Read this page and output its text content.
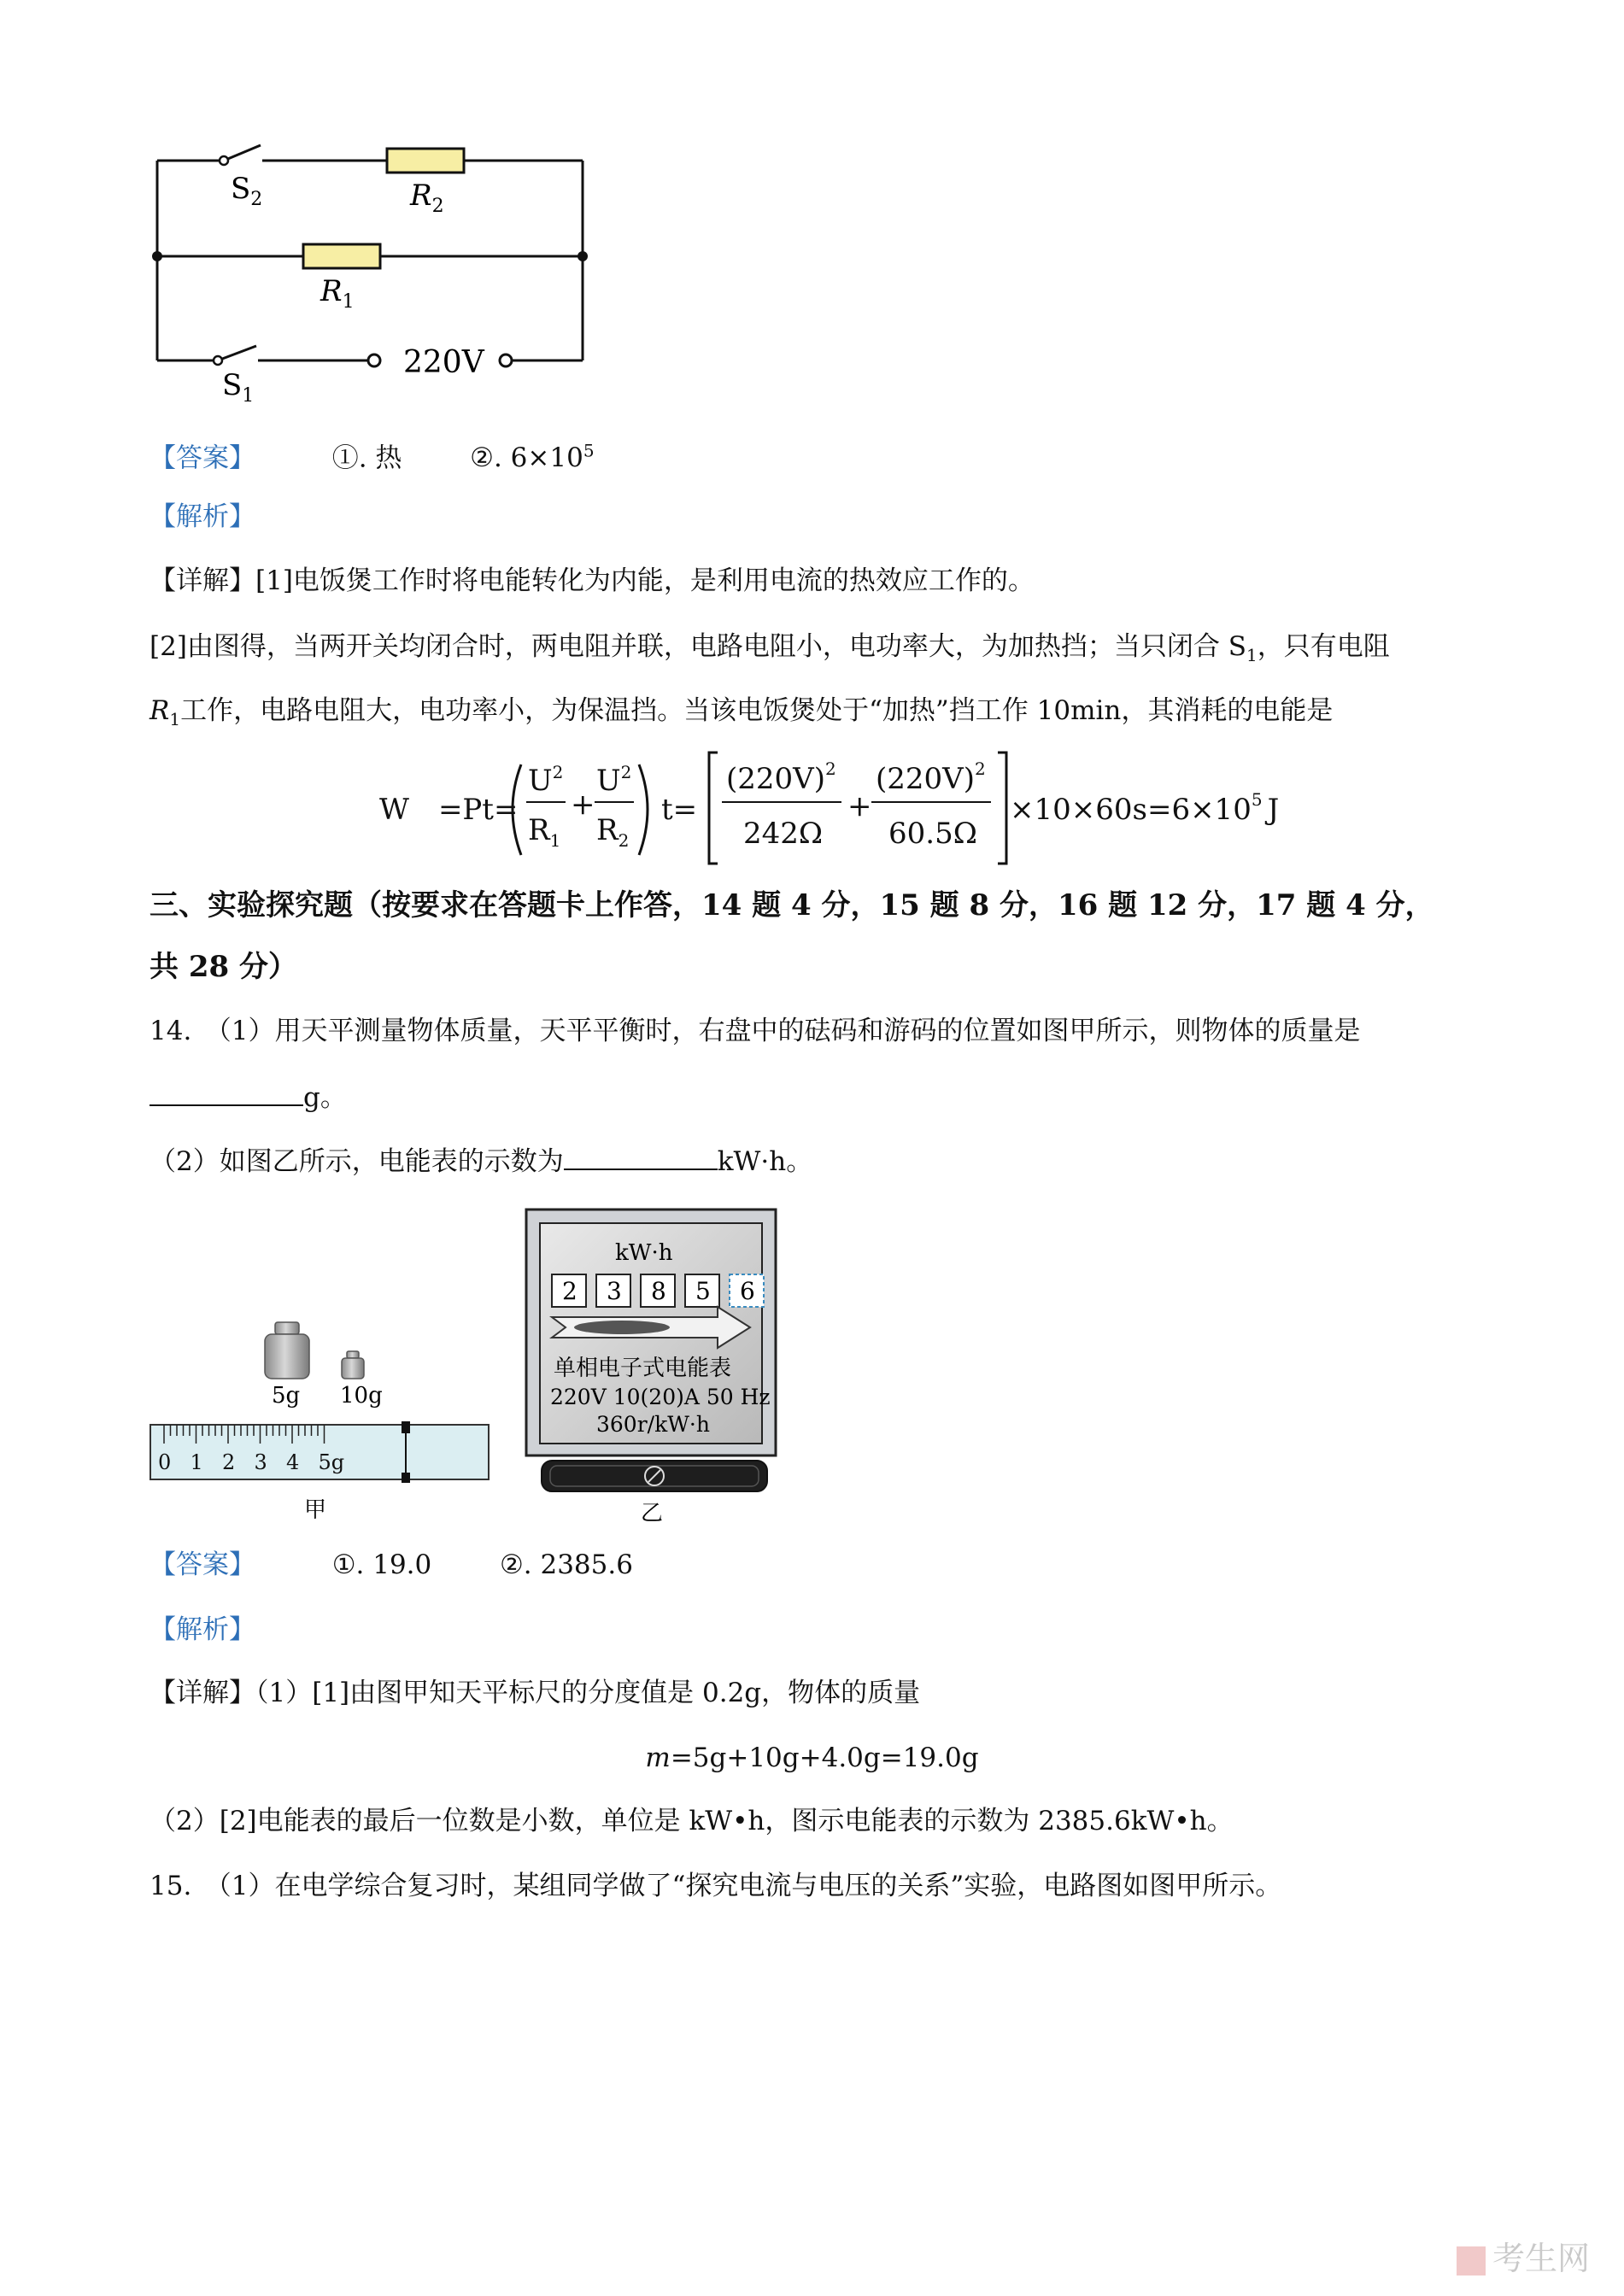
$S_2$	$R_2$
$R_1$
$S_1$
220V
【答案】	①. 热	②. $6\times 10^5$
【解析】
【详解】[1]电饭煲工作时将电能转化为内能，是利用电流的热效应工作的。
[2]由图得，当两开关均闭合时，两电阻并联，电路电阻小，电功率大，为加热挡；当只闭合 $S_1$，只有电阻
$R_1$工作，电路电阻大，电功率小，为保温挡。当该电饭煲处于“加热”挡工作 10min，其消耗的电能是
W　=Pt=
$U^2$
$R_1$
+
$U^2$
$R_2$
t=
$(220V)^2$
242Ω
+
$(220V)^2$
60.5Ω
$\times 10\times 60s=6\times 10^5$ J
三、实验探究题（按要求在答题卡上作答，14 题 4 分，15 题 8 分，16 题 12 分，17 题 4 分，
共 28 分）
14.　（1）用天平测量物体质量，天平平衡时，右盘中的砝码和游码的位置如图甲所示，则物体的质量是
g。
（2）如图乙所示，电能表的示数为	kW·h。
5g 10g
0 1 2 3 4 5g
甲
kW·h
2 3 8 5 6
单相电子式电能表
220V 10(20)A 50 Hz
360r/kW·h
乙
【答案】	①. 19.0	②. 2385.6
【解析】
【详解】（1）[1]由图甲知天平标尺的分度值是 0.2g，物体的质量
m=5g+10g+4.0g=19.0g
（2）[2]电能表的最后一位数是小数，单位是 kW•h，图示电能表的示数为 2385.6kW•h。
15.　（1）在电学综合复习时，某组同学做了“探究电流与电压的关系”实验，电路图如图甲所示。
考生网
